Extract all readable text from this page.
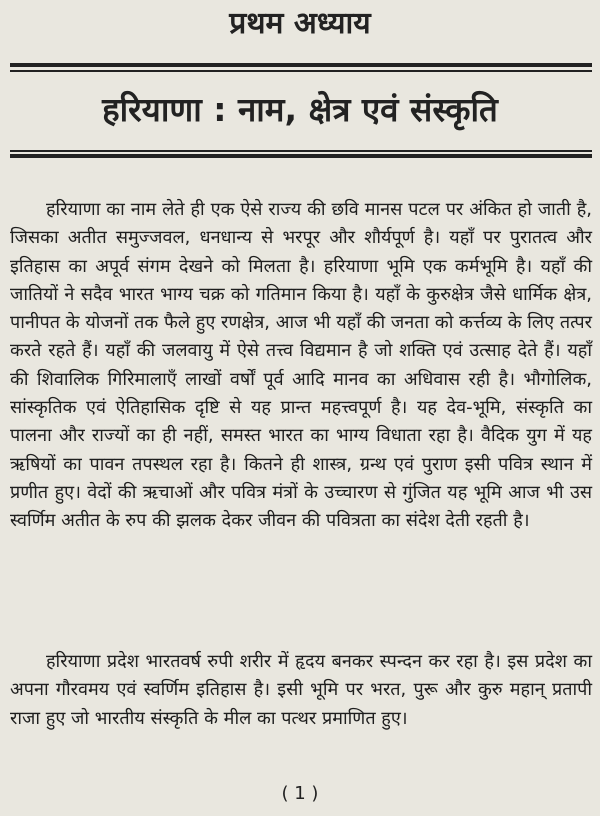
प्रथम अध्याय
हरियाणा : नाम, क्षेत्र एवं संस्कृति

हरियाणा का नाम लेते ही एक ऐसे राज्य की छवि मानस पटल पर अंकित हो जाती है, जिसका अतीत समुज्जवल, धनधान्य से भरपूर और शौर्यपूर्ण है। यहाँ पर पुरातत्व और इतिहास का अपूर्व संगम देखने को मिलता है। हरियाणा भूमि एक कर्मभूमि है। यहाँ की जातियों ने सदैव भारत भाग्य चक्र को गतिमान किया है। यहाँ के कुरुक्षेत्र जैसे धार्मिक क्षेत्र, पानीपत के योजनों तक फैले हुए रणक्षेत्र, आज भी यहाँ की जनता को कर्त्तव्य के लिए तत्पर करते रहते हैं। यहाँ की जलवायु में ऐसे तत्त्व विद्यमान है जो शक्ति एवं उत्साह देते हैं। यहाँ की शिवालिक गिरिमालाएँ लाखों वर्षों पूर्व आदि मानव का अधिवास रही है। भौगोलिक, सांस्कृतिक एवं ऐतिहासिक दृष्टि से यह प्रान्त महत्त्वपूर्ण है। यह देव-भूमि, संस्कृति का पालना और राज्यों का ही नहीं, समस्त भारत का भाग्य विधाता रहा है। वैदिक युग में यह ऋषियों का पावन तपस्थल रहा है। कितने ही शास्त्र, ग्रन्थ एवं पुराण इसी पवित्र स्थान में प्रणीत हुए। वेदों की ऋचाओं और पवित्र मंत्रों के उच्चारण से गुंजित यह भूमि आज भी उस स्वर्णिम अतीत के रुप की झलक देकर जीवन की पवित्रता का संदेश देती रहती है।

हरियाणा प्रदेश भारतवर्ष रुपी शरीर में हृदय बनकर स्पन्दन कर रहा है। इस प्रदेश का अपना गौरवमय एवं स्वर्णिम इतिहास है। इसी भूमि पर भरत, पुरू और कुरु महान् प्रतापी राजा हुए जो भारतीय संस्कृति के मील का पत्थर प्रमाणित हुए।

( 1 )
